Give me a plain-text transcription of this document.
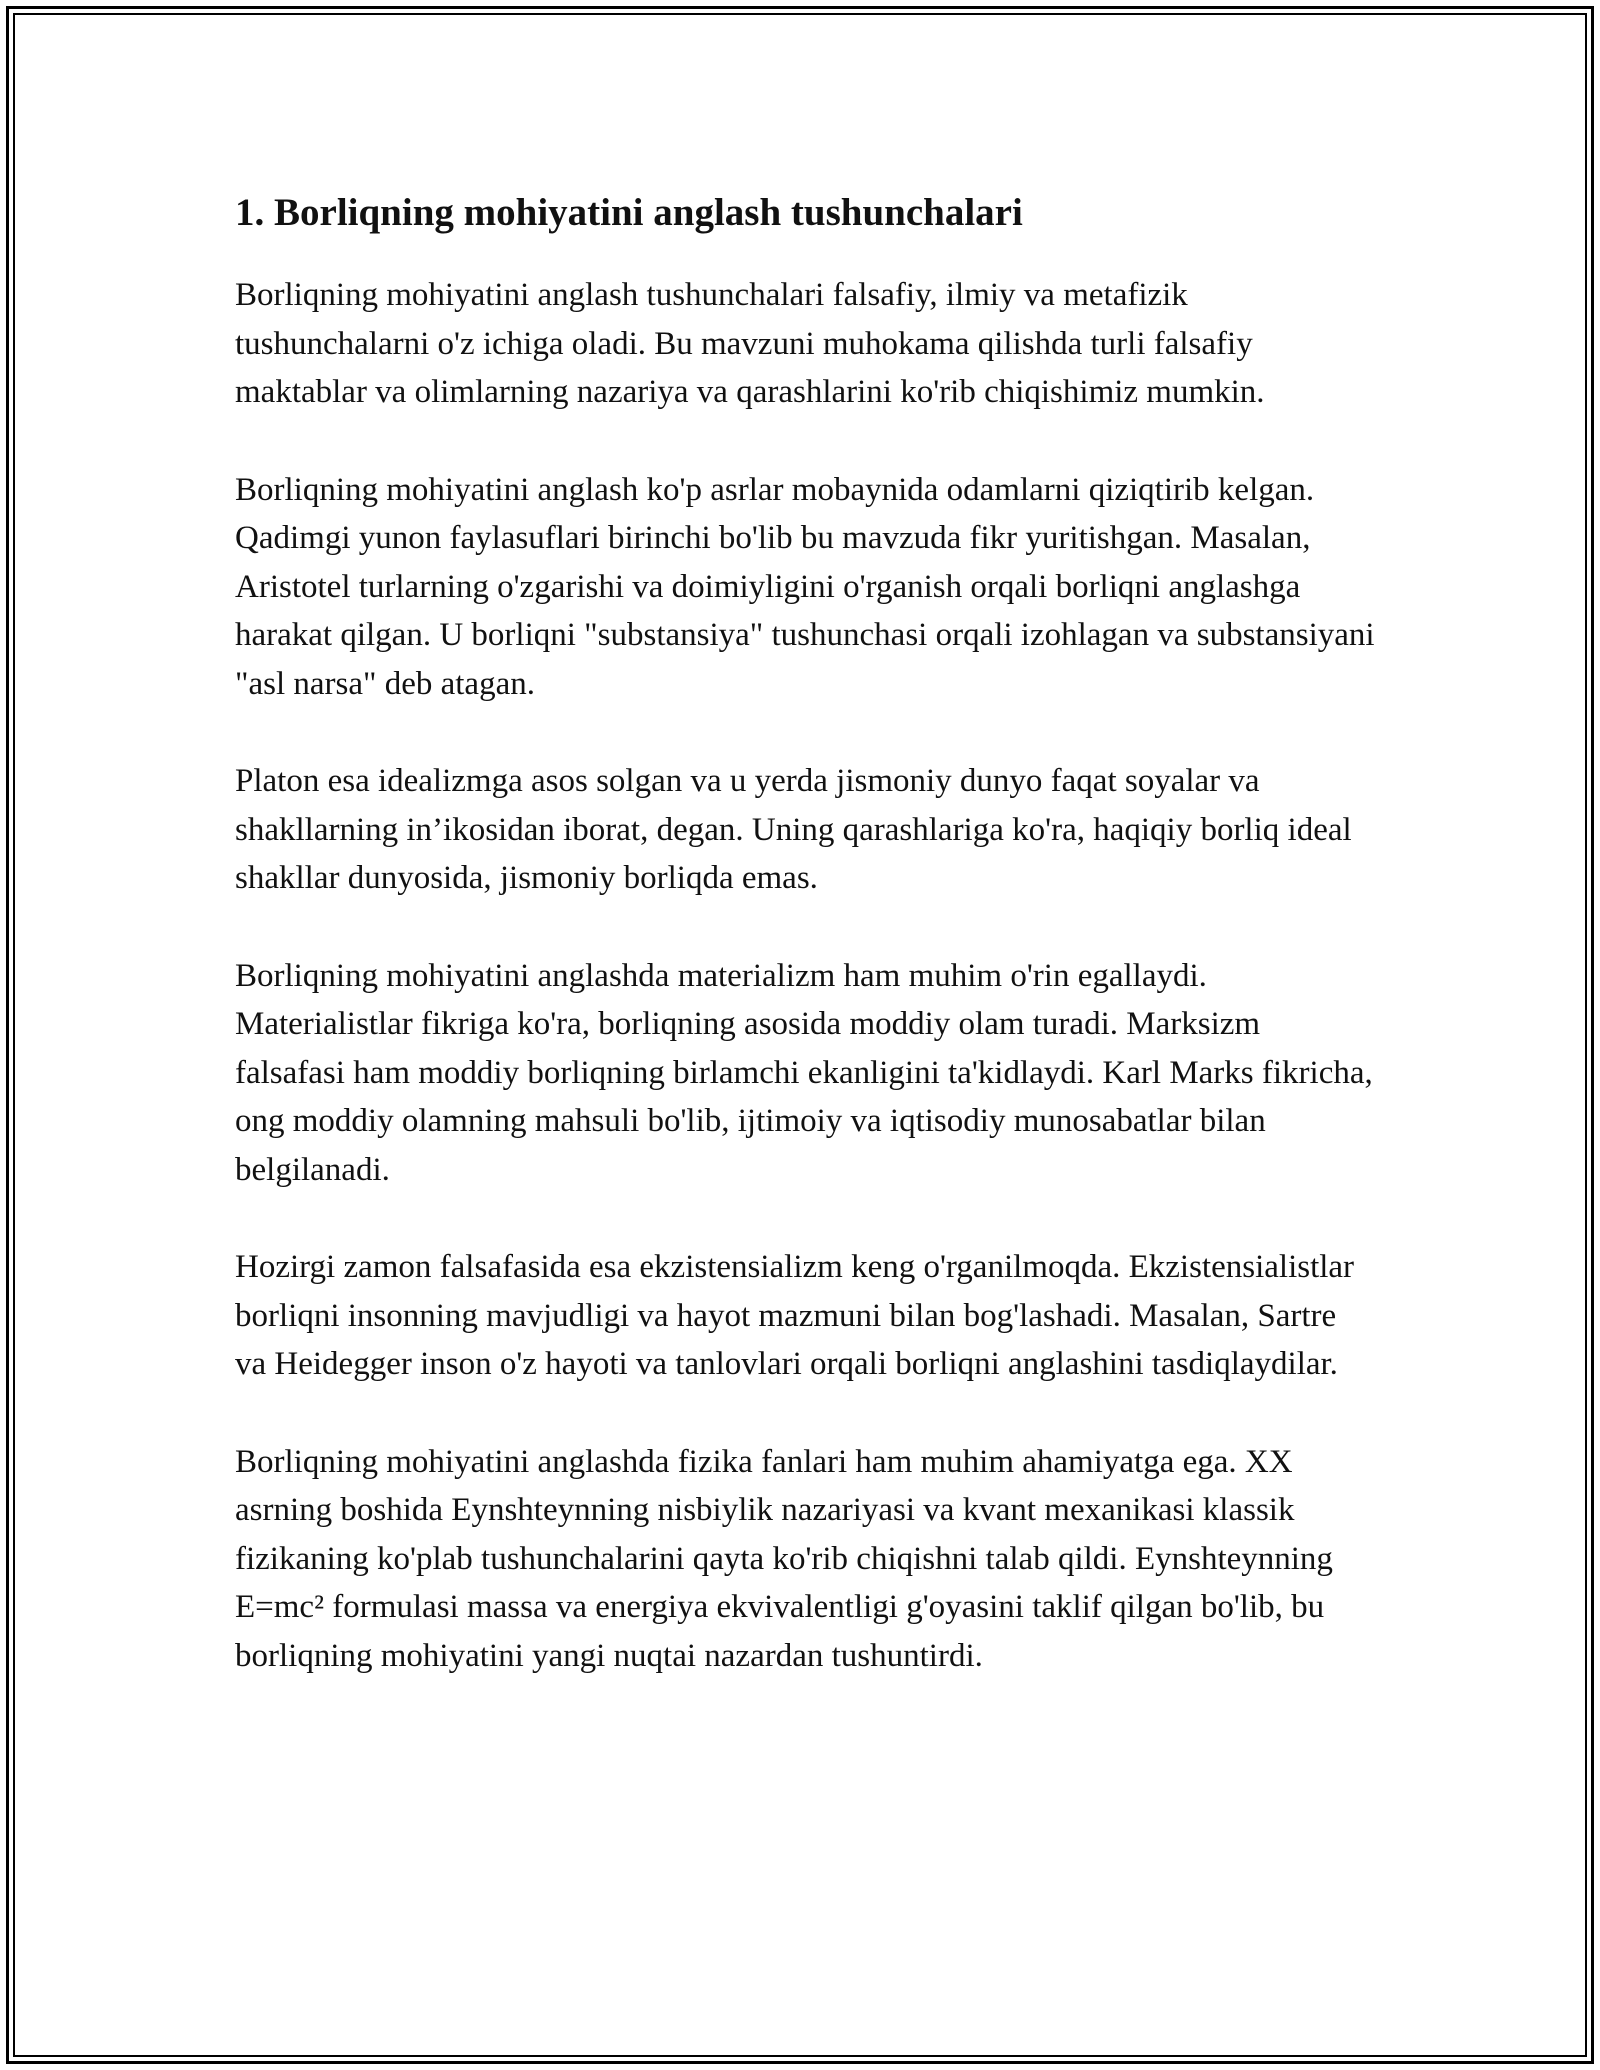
1. Borliqning mohiyatini anglash tushunchalari

Borliqning mohiyatini anglash tushunchalari falsafiy, ilmiy va metafizik tushunchalarni o'z ichiga oladi. Bu mavzuni muhokama qilishda turli falsafiy maktablar va olimlarning nazariya va qarashlarini ko'rib chiqishimiz mumkin.

Borliqning mohiyatini anglash ko'p asrlar mobaynida odamlarni qiziqtirib kelgan. Qadimgi yunon faylasuflari birinchi bo'lib bu mavzuda fikr yuritishgan. Masalan, Aristotel turlarning o'zgarishi va doimiyligini o'rganish orqali borliqni anglashga harakat qilgan. U borliqni "substansiya" tushunchasi orqali izohlagan va substansiyani "asl narsa" deb atagan.

Platon esa idealizmga asos solgan va u yerda jismoniy dunyo faqat soyalar va shakllarning in’ikosidan iborat, degan. Uning qarashlariga ko'ra, haqiqiy borliq ideal shakllar dunyosida, jismoniy borliqda emas.

Borliqning mohiyatini anglashda materializm ham muhim o'rin egallaydi. Materialistlar fikriga ko'ra, borliqning asosida moddiy olam turadi. Marksizm falsafasi ham moddiy borliqning birlamchi ekanligini ta'kidlaydi. Karl Marks fikricha, ong moddiy olamning mahsuli bo'lib, ijtimoiy va iqtisodiy munosabatlar bilan belgilanadi.

Hozirgi zamon falsafasida esa ekzistensializm keng o'rganilmoqda. Ekzistensialistlar borliqni insonning mavjudligi va hayot mazmuni bilan bog'lashadi. Masalan, Sartre va Heidegger inson o'z hayoti va tanlovlari orqali borliqni anglashini tasdiqlaydilar.

Borliqning mohiyatini anglashda fizika fanlari ham muhim ahamiyatga ega. XX asrning boshida Eynshteynning nisbiylik nazariyasi va kvant mexanikasi klassik fizikaning ko'plab tushunchalarini qayta ko'rib chiqishni talab qildi. Eynshteynning E=mc² formulasi massa va energiya ekvivalentligi g'oyasini taklif qilgan bo'lib, bu borliqning mohiyatini yangi nuqtai nazardan tushuntirdi.
